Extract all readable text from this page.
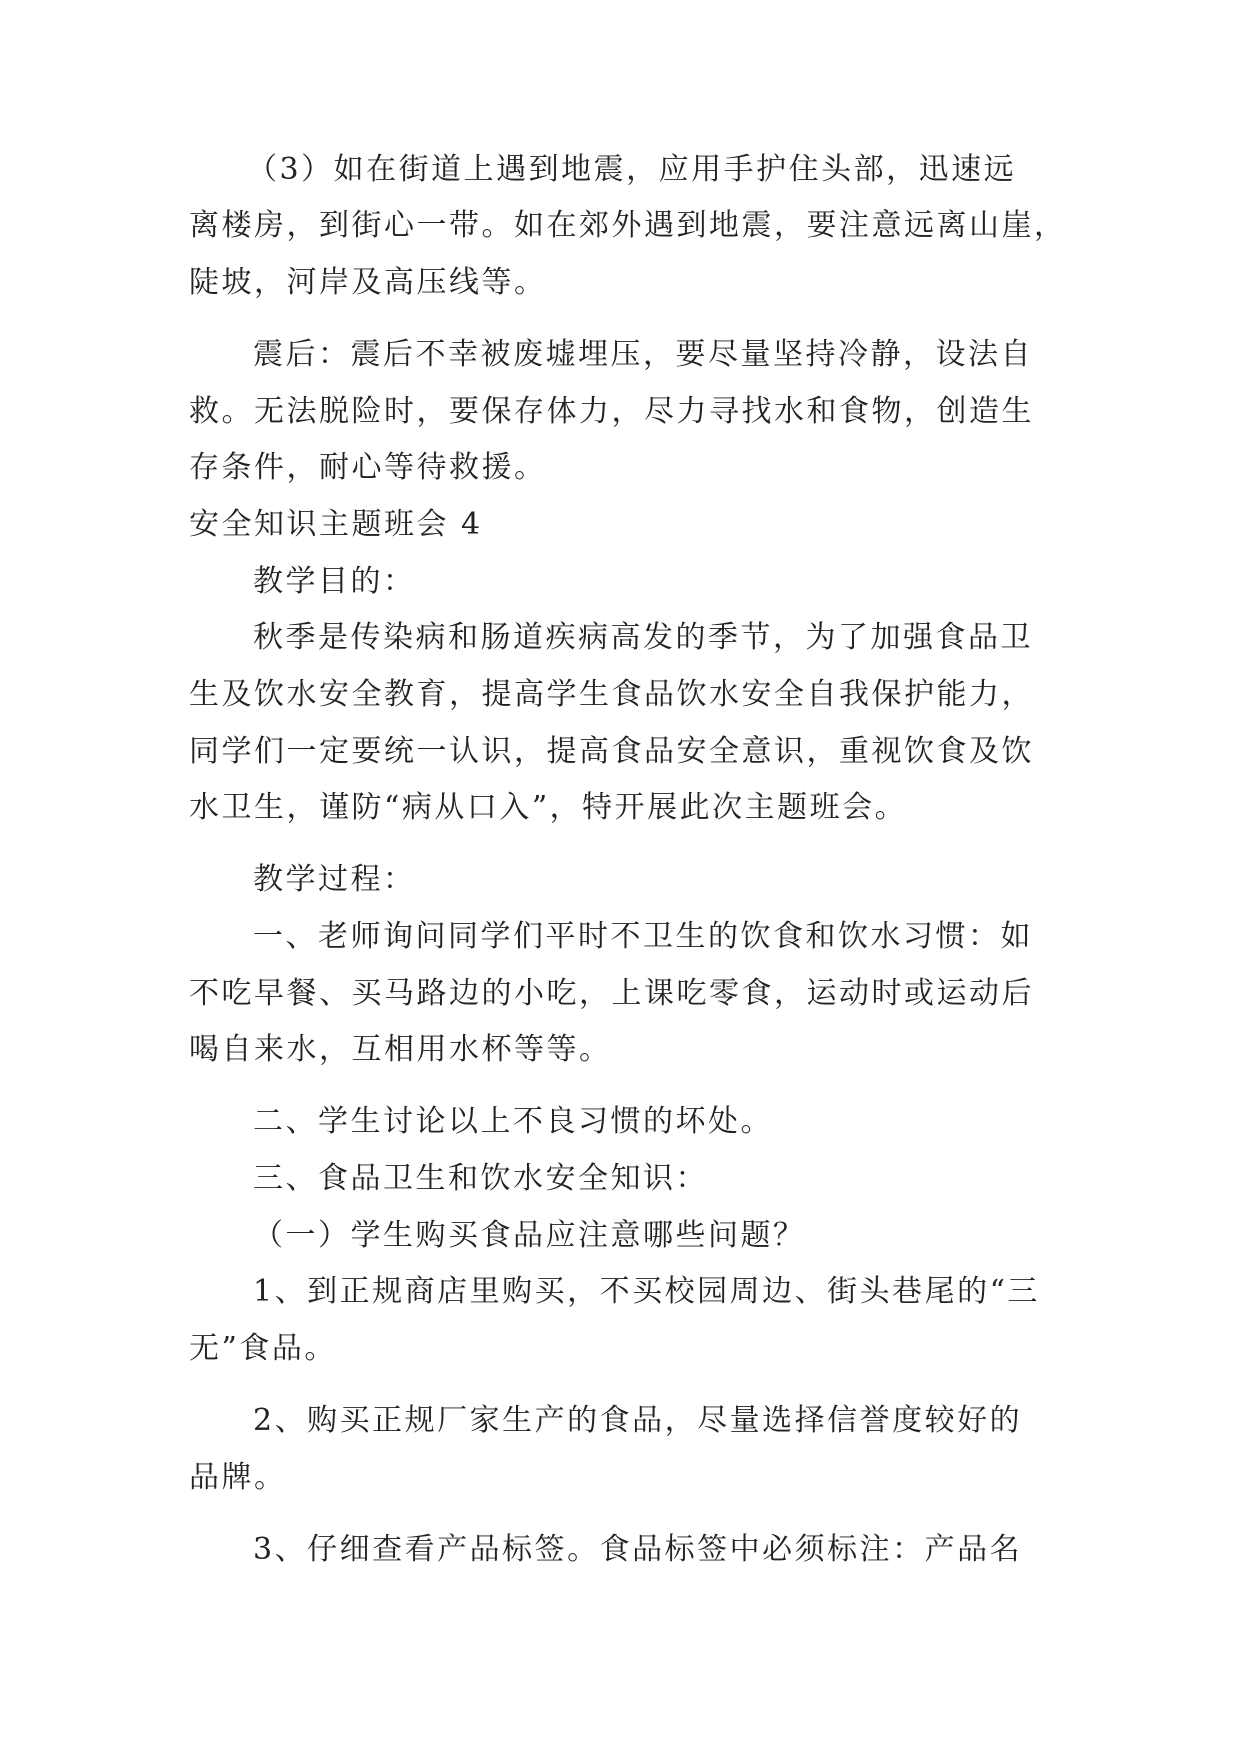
（3）如在街道上遇到地震，应用手护住头部，迅速远
离楼房，到街心一带。如在郊外遇到地震，要注意远离山崖，
陡坡，河岸及高压线等。
震后：震后不幸被废墟埋压，要尽量坚持冷静，设法自
救。无法脱险时，要保存体力，尽力寻找水和食物，创造生
存条件，耐心等待救援。
安全知识主题班会 4
教学目的：
秋季是传染病和肠道疾病高发的季节，为了加强食品卫
生及饮水安全教育，提高学生食品饮水安全自我保护能力，
同学们一定要统一认识，提高食品安全意识，重视饮食及饮
水卫生，谨防“病从口入”，特开展此次主题班会。
教学过程：
一、老师询问同学们平时不卫生的饮食和饮水习惯：如
不吃早餐、买马路边的小吃，上课吃零食，运动时或运动后
喝自来水，互相用水杯等等。
二、学生讨论以上不良习惯的坏处。
三、食品卫生和饮水安全知识：
（一）学生购买食品应注意哪些问题？
1、到正规商店里购买，不买校园周边、街头巷尾的“三
无”食品。
2、购买正规厂家生产的食品，尽量选择信誉度较好的
品牌。
3、仔细查看产品标签。食品标签中必须标注：产品名
